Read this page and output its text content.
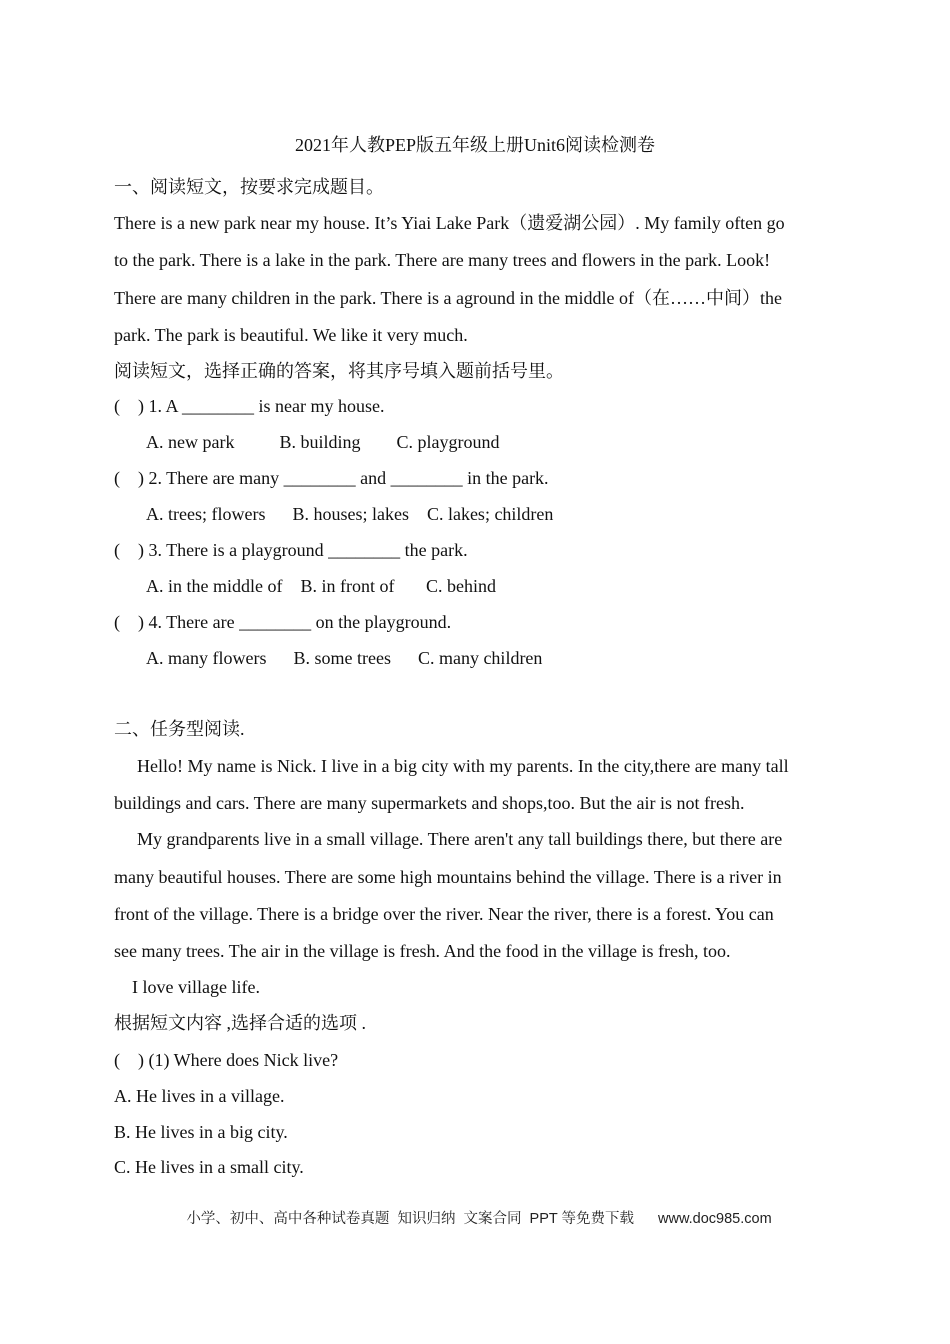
2021年人教PEP版五年级上册Unit6阅读检测卷
一、阅读短文，按要求完成题目。
There is a new park near my house. It’s Yiai Lake Park（遗爱湖公园）. My family often go
to the park. There is a lake in the park. There are many trees and flowers in the park. Look!
There are many children in the park. There is a aground in the middle of（在……中间）the
park. The park is beautiful. We like it very much.
阅读短文，选择正确的答案，将其序号填入题前括号里。
(    ) 1. A ________ is near my house.
A. new park          B. building        C. playground
(    ) 2. There are many ________ and ________ in the park.
A. trees; flowers      B. houses; lakes    C. lakes; children
(    ) 3. There is a playground ________ the park.
A. in the middle of    B. in front of       C. behind
(    ) 4. There are ________ on the playground.
A. many flowers      B. some trees      C. many children
二、任务型阅读.
Hello! My name is Nick. I live in a big city with my parents. In the city,there are many tall
buildings and cars. There are many supermarkets and shops,too. But the air is not fresh.
My grandparents live in a small village. There aren't any tall buildings there, but there are
many beautiful houses. There are some high mountains behind the village. There is a river in
front of the village. There is a bridge over the river. Near the river, there is a forest. You can
see many trees. The air in the village is fresh. And the food in the village is fresh, too.
I love village life.
根据短文内容 ,选择合适的选项 .
(    ) (1) Where does Nick live?
A. He lives in a village.
B. He lives in a big city.
C. He lives in a small city.

小学、初中、高中各种试卷真题  知识归纳  文案合同  PPT 等免费下载 www.doc985.com
